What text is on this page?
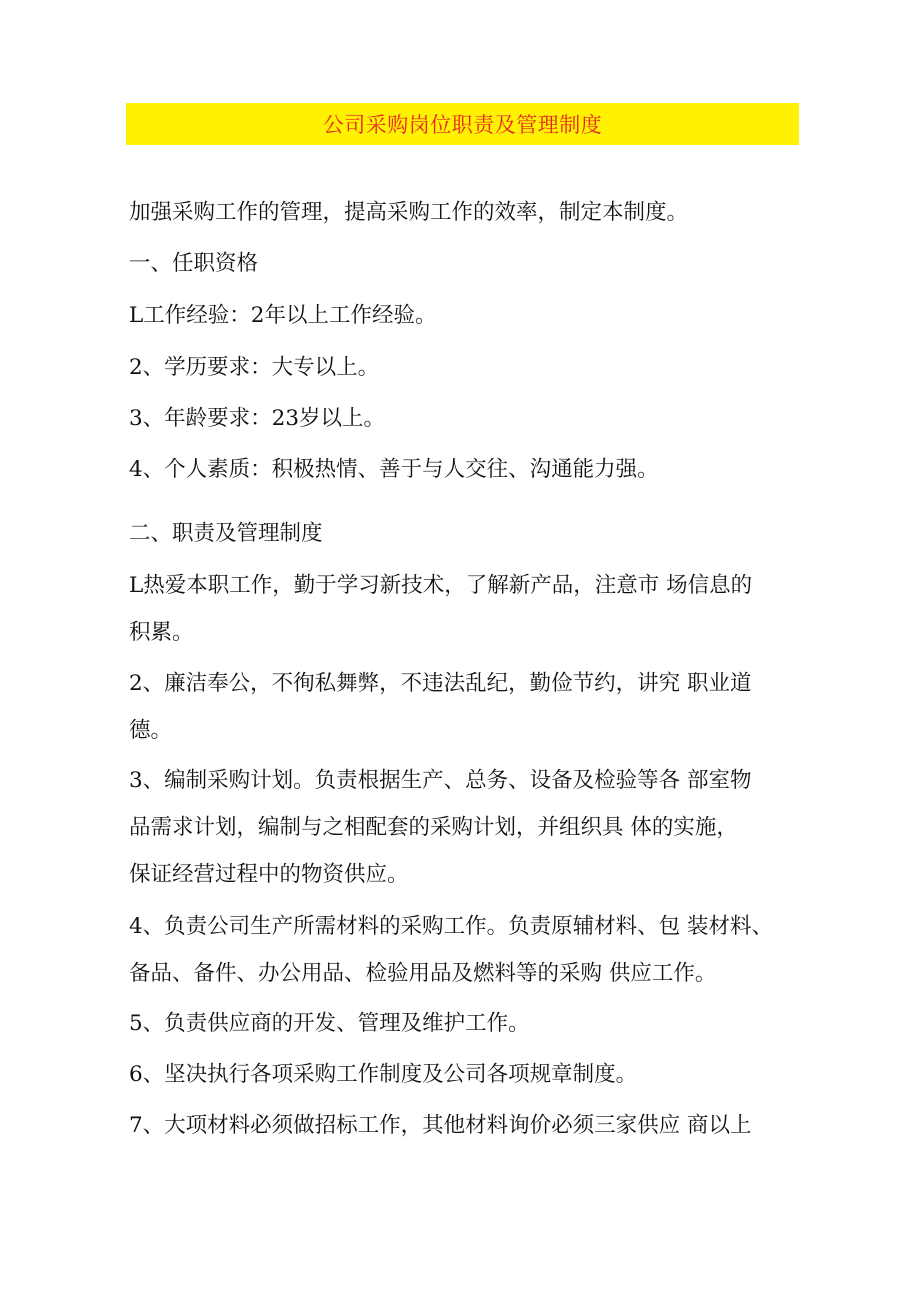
公司采购岗位职责及管理制度

加强采购工作的管理，提高采购工作的效率，制定本制度。

一、任职资格

L工作经验：2年以上工作经验。

2、学历要求：大专以上。

3、年龄要求：23岁以上。

4、个人素质：积极热情、善于与人交往、沟通能力强。

二、职责及管理制度

L热爱本职工作，勤于学习新技术，了解新产品，注意市 场信息的
积累。
2、廉洁奉公，不徇私舞弊，不违法乱纪，勤俭节约，讲究 职业道
德。
3、编制采购计划。负责根据生产、总务、设备及检验等各 部室物
品需求计划，编制与之相配套的采购计划，并组织具 体的实施，
保证经营过程中的物资供应。
4、负责公司生产所需材料的采购工作。负责原辅材料、包 装材料、
备品、备件、办公用品、检验用品及燃料等的采购 供应工作。
5、负责供应商的开发、管理及维护工作。
6、坚决执行各项采购工作制度及公司各项规章制度。
7、大项材料必须做招标工作，其他材料询价必须三家供应 商以上
